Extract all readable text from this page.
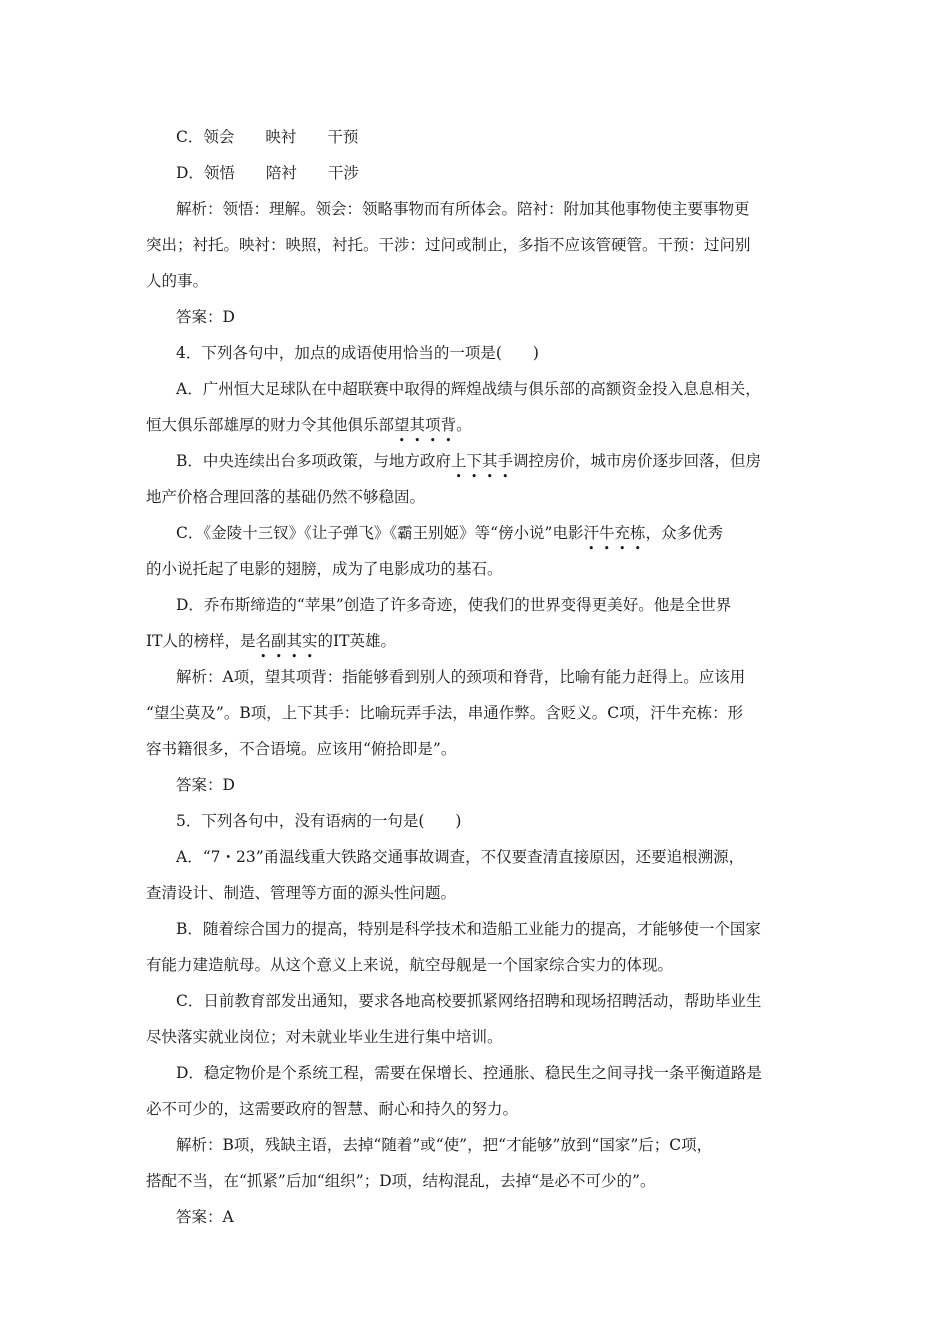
C．领会　　映衬　　干预
D．领悟　　陪衬　　干涉
解析：领悟：理解。领会：领略事物而有所体会。陪衬：附加其他事物使主要事物更
突出；衬托。映衬：映照，衬托。干涉：过问或制止，多指不应该管硬管。干预：过问别
人的事。
答案：D
4．下列各句中，加点的成语使用恰当的一项是(　　)
A．广州恒大足球队在中超联赛中取得的辉煌战绩与俱乐部的高额资金投入息息相关，
恒大俱乐部雄厚的财力令其他俱乐部望其项背。
B．中央连续出台多项政策，与地方政府上下其手调控房价，城市房价逐步回落，但房
地产价格合理回落的基础仍然不够稳固。
C．《金陵十三钗》《让子弹飞》《霸王别姬》等“傍小说”电影汗牛充栋，众多优秀
的小说托起了电影的翅膀，成为了电影成功的基石。
D．乔布斯缔造的“苹果”创造了许多奇迹，使我们的世界变得更美好。他是全世界
IT人的榜样，是名副其实的IT英雄。
解析：A项，望其项背：指能够看到别人的颈项和脊背，比喻有能力赶得上。应该用
“望尘莫及”。B项，上下其手：比喻玩弄手法，串通作弊。含贬义。C项，汗牛充栋：形
容书籍很多，不合语境。应该用“俯拾即是”。
答案：D
5．下列各句中，没有语病的一句是(　　)
A．“7・23”甬温线重大铁路交通事故调查，不仅要查清直接原因，还要追根溯源，
查清设计、制造、管理等方面的源头性问题。
B．随着综合国力的提高，特别是科学技术和造船工业能力的提高，才能够使一个国家
有能力建造航母。从这个意义上来说，航空母舰是一个国家综合实力的体现。
C．日前教育部发出通知，要求各地高校要抓紧网络招聘和现场招聘活动，帮助毕业生
尽快落实就业岗位；对未就业毕业生进行集中培训。
D．稳定物价是个系统工程，需要在保增长、控通胀、稳民生之间寻找一条平衡道路是
必不可少的，这需要政府的智慧、耐心和持久的努力。
解析：B项，残缺主语，去掉“随着”或“使”，把“才能够”放到“国家”后；C项，
搭配不当，在“抓紧”后加“组织”；D项，结构混乱，去掉“是必不可少的”。
答案：A
